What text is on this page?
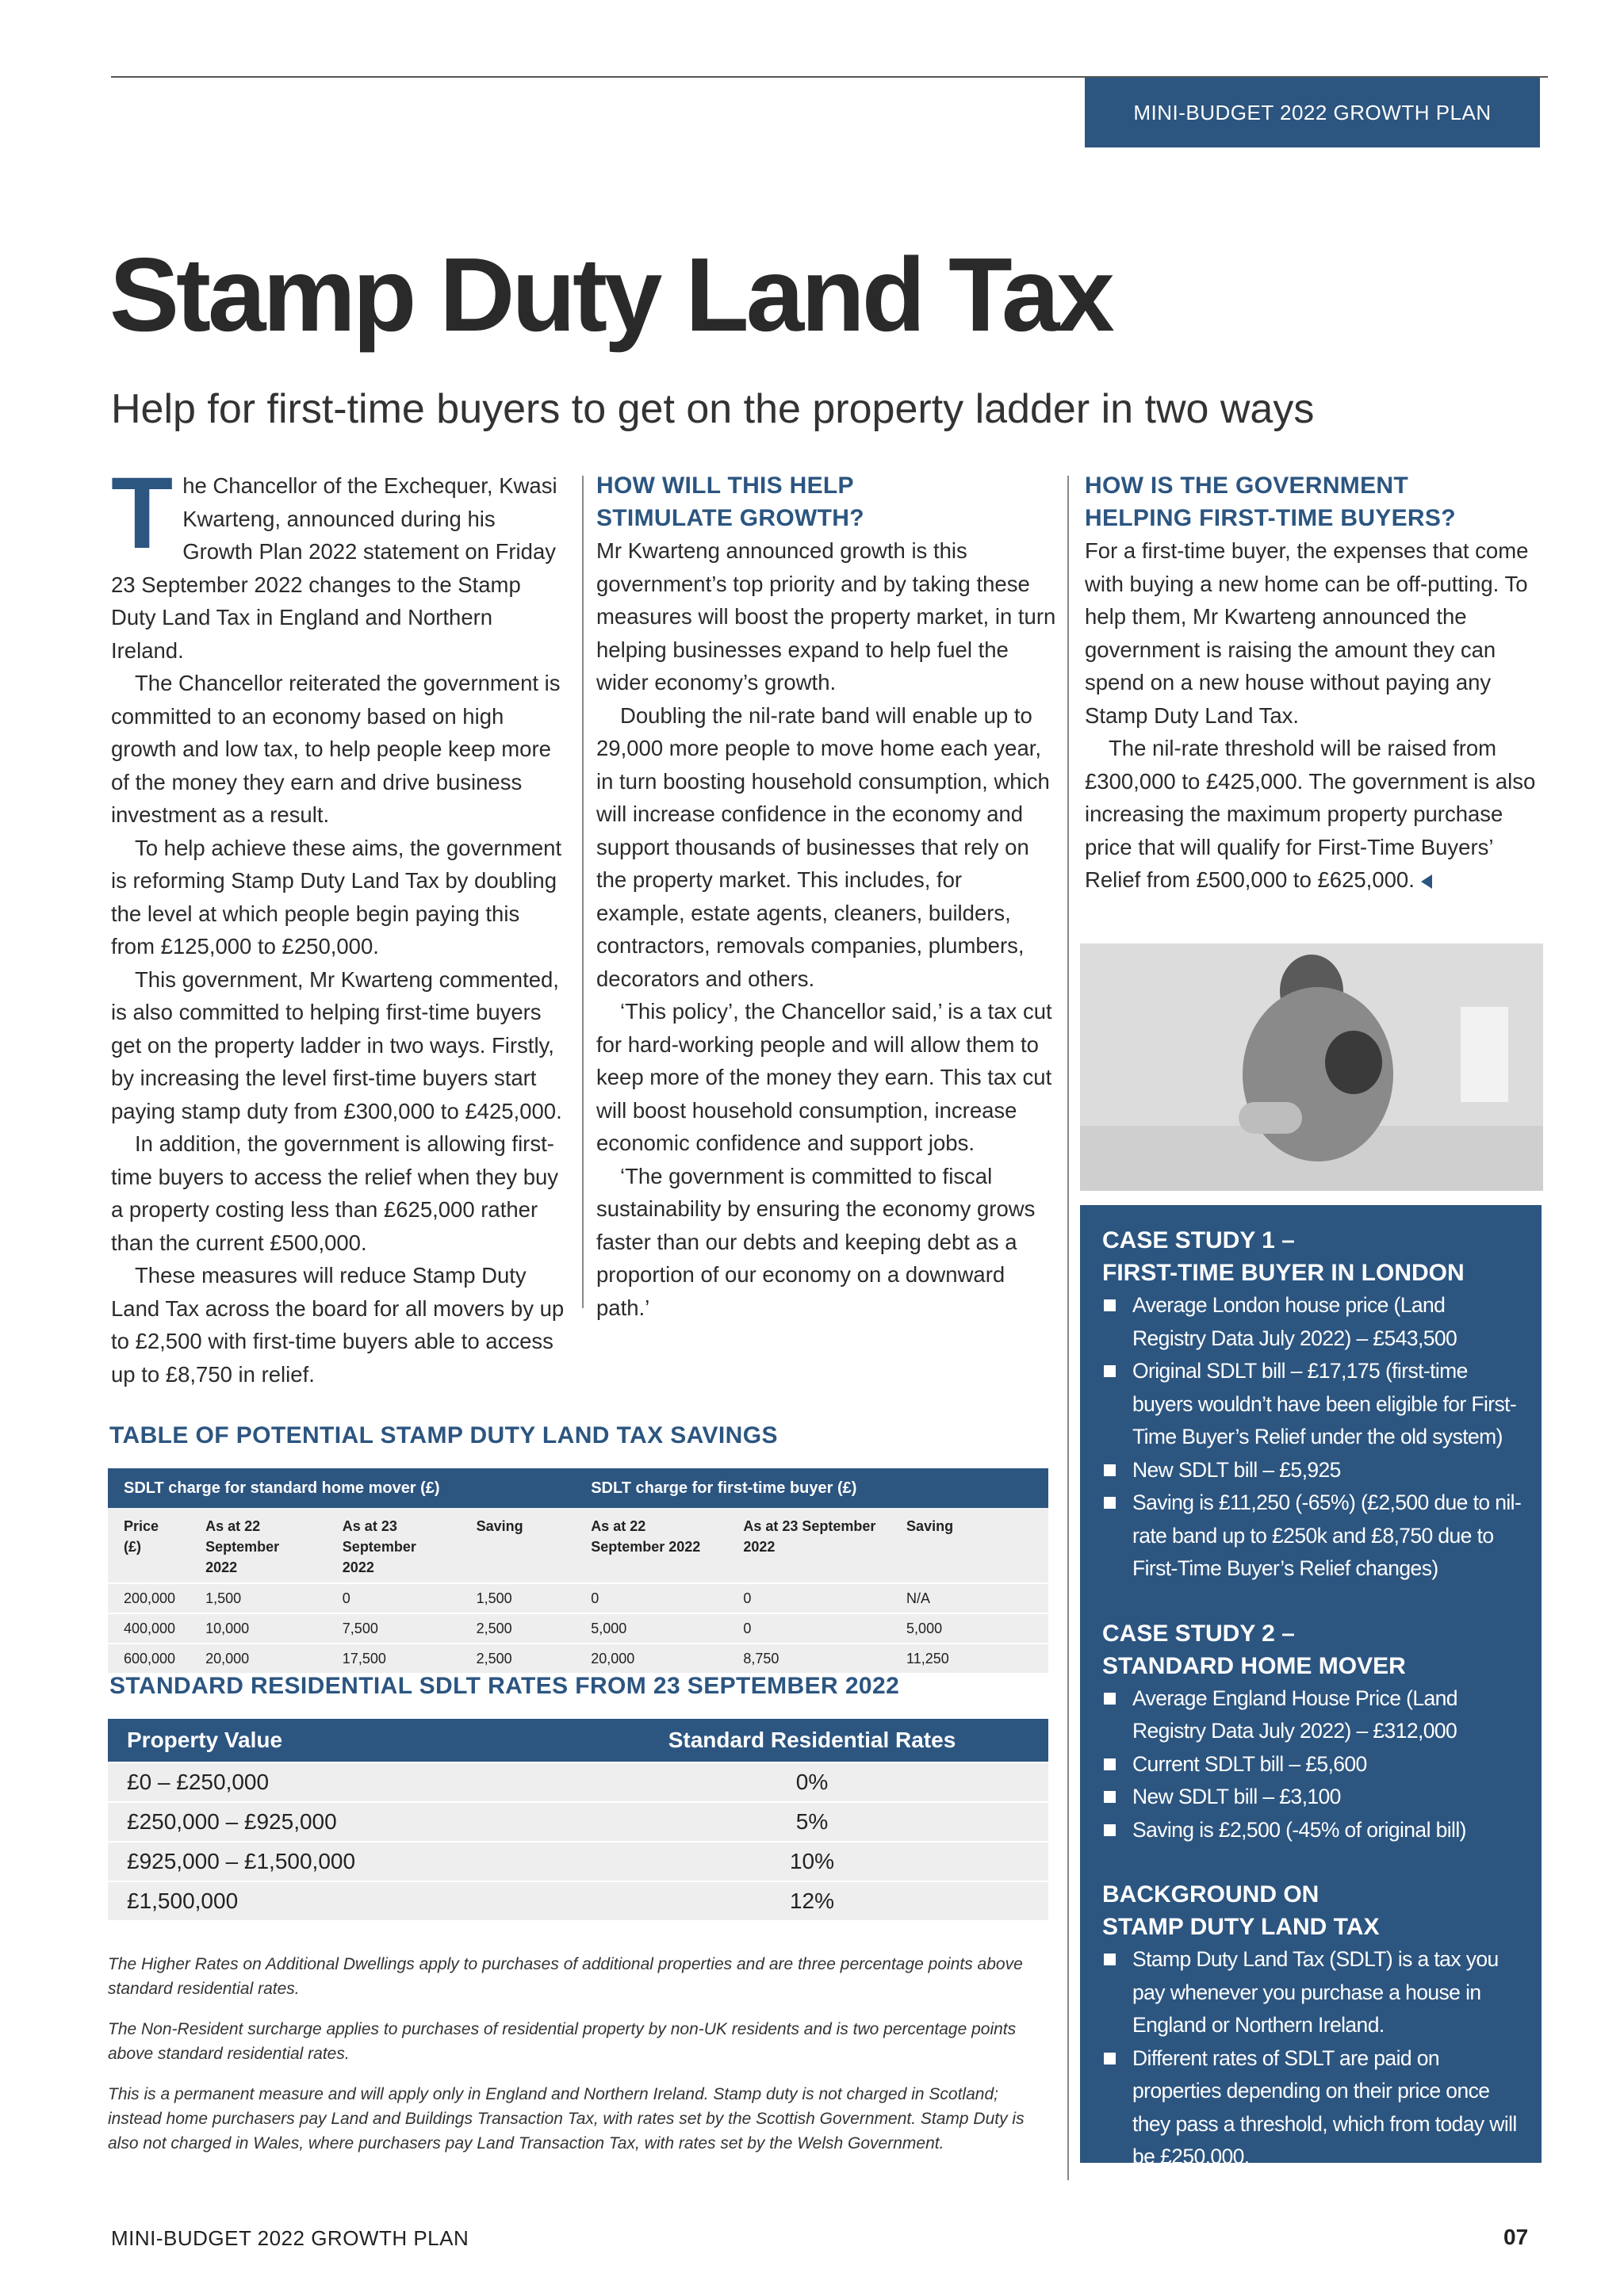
MINI-BUDGET 2022 GROWTH PLAN
Stamp Duty Land Tax
Help for first-time buyers to get on the property ladder in two ways
T he Chancellor of the Exchequer, Kwasi Kwarteng, announced during his Growth Plan 2022 statement on Friday 23 September 2022 changes to the Stamp Duty Land Tax in England and Northern Ireland.

The Chancellor reiterated the government is committed to an economy based on high growth and low tax, to help people keep more of the money they earn and drive business investment as a result.

To help achieve these aims, the government is reforming Stamp Duty Land Tax by doubling the level at which people begin paying this from £125,000 to £250,000.

This government, Mr Kwarteng commented, is also committed to helping first-time buyers get on the property ladder in two ways. Firstly, by increasing the level first-time buyers start paying stamp duty from £300,000 to £425,000.

In addition, the government is allowing first-time buyers to access the relief when they buy a property costing less than £625,000 rather than the current £500,000.

These measures will reduce Stamp Duty Land Tax across the board for all movers by up to £2,500 with first-time buyers able to access up to £8,750 in relief.

HOW WILL THIS HELP STIMULATE GROWTH?

Mr Kwarteng announced growth is this government’s top priority and by taking these measures will boost the property market, in turn helping businesses expand to help fuel the wider economy’s growth.

Doubling the nil-rate band will enable up to 29,000 more people to move home each year, in turn boosting household consumption, which will increase confidence in the economy and support thousands of businesses that rely on the property market. This includes, for example, estate agents, cleaners, builders, contractors, removals companies, plumbers, decorators and others.

‘This policy’, the Chancellor said,’ is a tax cut for hard-working people and will allow them to keep more of the money they earn. This tax cut will boost household consumption, increase economic confidence and support jobs.

‘The government is committed to fiscal sustainability by ensuring the economy grows faster than our debts and keeping debt as a proportion of our economy on a downward path.’

HOW IS THE GOVERNMENT HELPING FIRST-TIME BUYERS?

For a first-time buyer, the expenses that come with buying a new home can be off-putting. To help them, Mr Kwarteng announced the government is raising the amount they can spend on a new house without paying any Stamp Duty Land Tax.

The nil-rate threshold will be raised from £300,000 to £425,000. The government is also increasing the maximum property purchase price that will qualify for First-Time Buyers’ Relief from £500,000 to £625,000.

CASE STUDY 1 –

FIRST-TIME BUYER IN LONDON

Average London house price (Land Registry Data July 2022) – £543,500
Original SDLT bill – £17,175 (first-time buyers wouldn’t have been eligible for First-Time Buyer’s Relief under the old system)
New SDLT bill – £5,925
Saving is £11,250 (-65%) (£2,500 due to nil-rate band up to £250k and £8,750 due to First-Time Buyer’s Relief changes)

CASE STUDY 2 –

STANDARD HOME MOVER

Average England House Price (Land Registry Data July 2022) – £312,000
Current SDLT bill – £5,600
New SDLT bill – £3,100
Saving is £2,500 (-45% of original bill)

BACKGROUND ON

STAMP DUTY LAND TAX

Stamp Duty Land Tax (SDLT) is a tax you pay whenever you purchase a house in England or Northern Ireland.
Different rates of SDLT are paid on properties depending on their price once they pass a threshold, which from today will be £250,000.
TABLE OF POTENTIAL STAMP DUTY LAND TAX SAVINGS
SDLT charge for standard home mover (£)				SDLT charge for first-time buyer (£)		
Price (£)	As at 22 September 2022	As at 23 September 2022	Saving	As at 22 September 2022	As at 23 September 2022	Saving
200,000	1,500	0	1,500	0	0	N/A
400,000	10,000	7,500	2,500	5,000	0	5,000
600,000	20,000	17,500	2,500	20,000	8,750	11,250
STANDARD RESIDENTIAL SDLT RATES FROM 23 SEPTEMBER 2022
Property Value	Standard Residential Rates
£0 – £250,000	0%
£250,000 – £925,000	5%
£925,000 – £1,500,000	10%
£1,500,000	12%

The Higher Rates on Additional Dwellings apply to purchases of additional properties and are three percentage points above standard residential rates.

The Non-Resident surcharge applies to purchases of residential property by non-UK residents and is two percentage points above standard residential rates.

This is a permanent measure and will apply only in England and Northern Ireland. Stamp duty is not charged in Scotland; instead home purchasers pay Land and Buildings Transaction Tax, with rates set by the Scottish Government. Stamp Duty is also not charged in Wales, where purchasers pay Land Transaction Tax, with rates set by the Welsh Government.

MINI-BUDGET 2022 GROWTH PLAN	07
